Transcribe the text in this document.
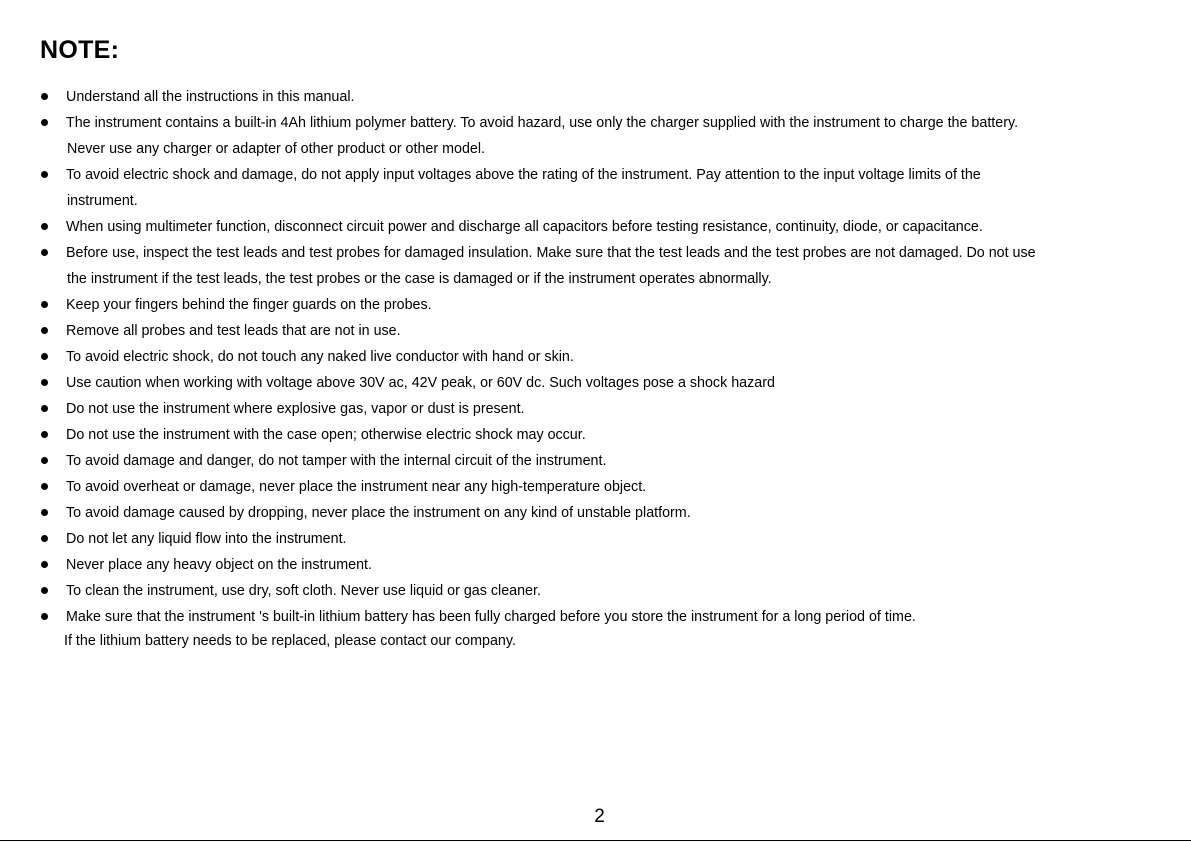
NOTE:
Understand all the instructions in this manual.
The instrument contains a built-in 4Ah lithium polymer battery. To avoid hazard, use only the charger supplied with the instrument to charge the battery.
Never use any charger or adapter of other product or other model.
To avoid electric shock and damage, do not apply input voltages above the rating of the instrument. Pay attention to the input voltage limits of the
instrument.
When using multimeter function, disconnect circuit power and discharge all capacitors before testing resistance, continuity, diode, or capacitance.
Before use, inspect the test leads and test probes for damaged insulation. Make sure that the test leads and the test probes are not damaged. Do not use
the instrument if the test leads, the test probes or the case is damaged or if the instrument operates abnormally.
Keep your fingers behind the finger guards on the probes.
Remove all probes and test leads that are not in use.
To avoid electric shock, do not touch any naked live conductor with hand or skin.
Use caution when working with voltage above 30V ac, 42V peak, or 60V dc. Such voltages pose a shock hazard
Do not use the instrument where explosive gas, vapor or dust is present.
Do not use the instrument with the case open; otherwise electric shock may occur.
To avoid damage and danger, do not tamper with the internal circuit of the instrument.
To avoid overheat or damage, never place the instrument near any high-temperature object.
To avoid damage caused by dropping, never place the instrument on any kind of unstable platform.
Do not let any liquid flow into the instrument.
Never place any heavy object on the instrument.
To clean the instrument, use dry, soft cloth. Never use liquid or gas cleaner.
Make sure that the instrument 's built-in lithium battery has been fully charged before you store the instrument for a long period of time.

If the lithium battery needs to be replaced, please contact our company.

2
